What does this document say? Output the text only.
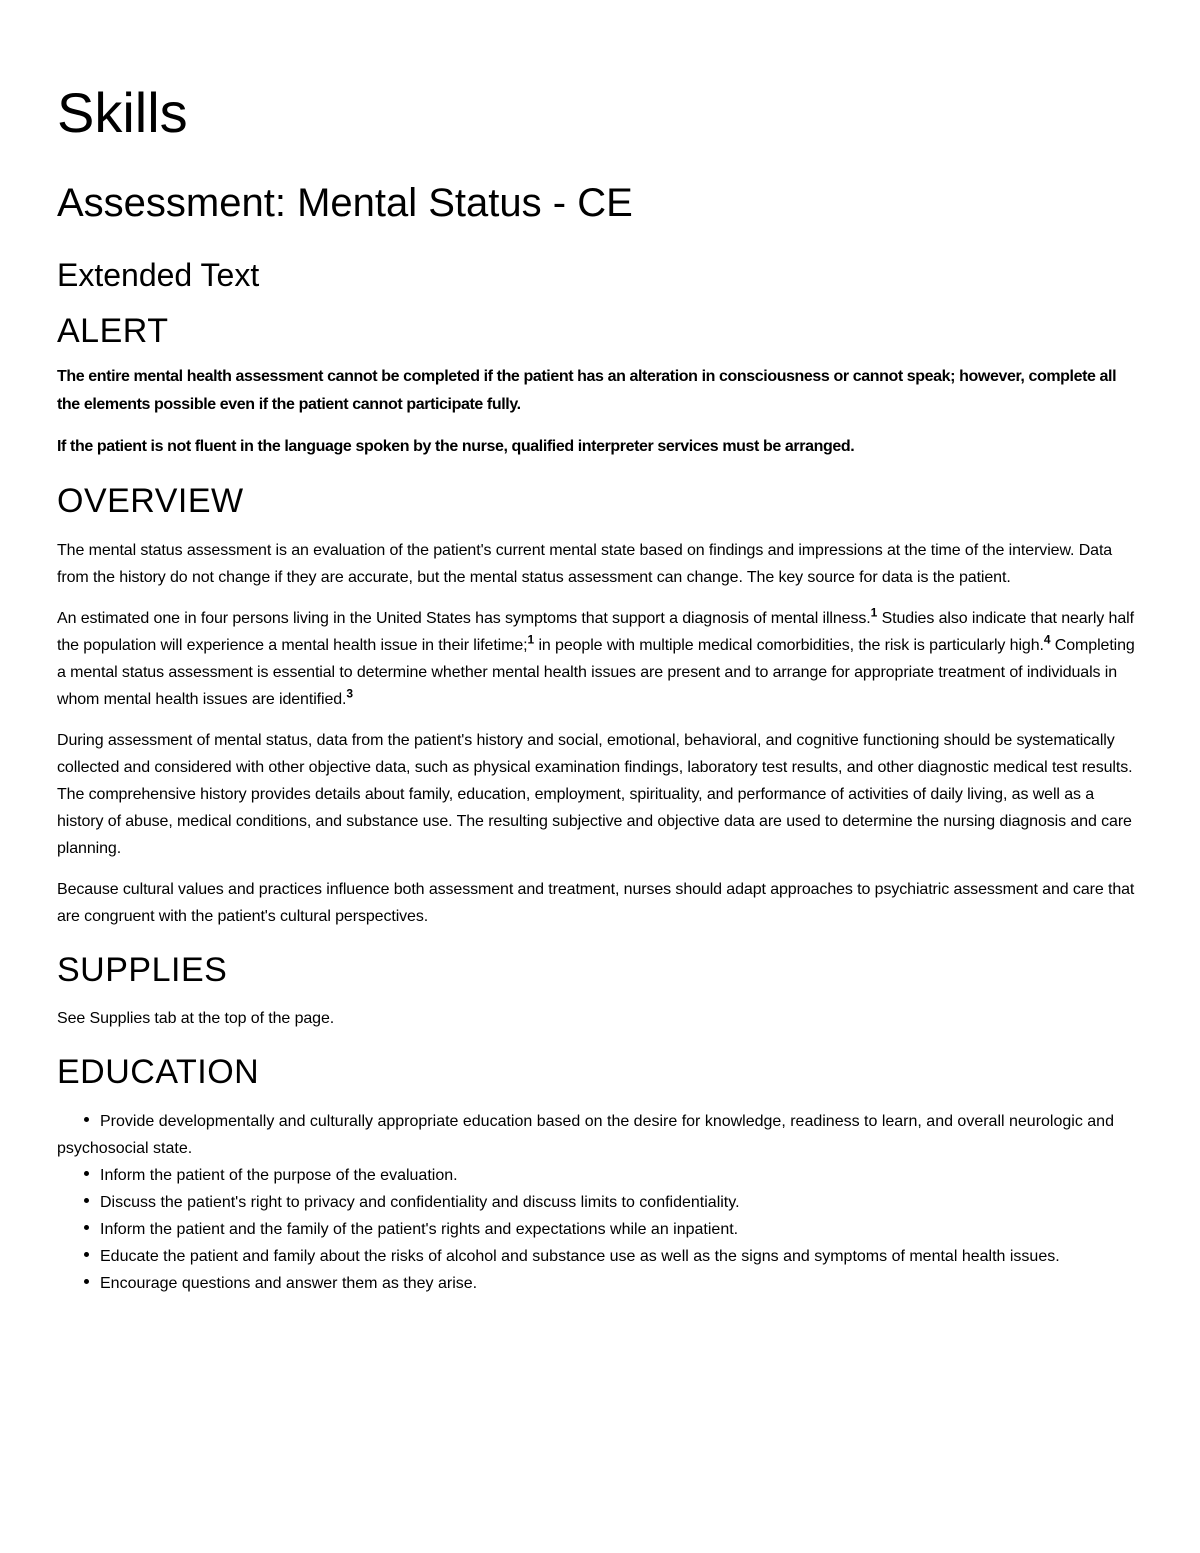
Skills
Assessment: Mental Status - CE
Extended Text
ALERT

The entire mental health assessment cannot be completed if the patient has an alteration in consciousness or cannot speak; however, complete all the elements possible even if the patient cannot participate fully.

If the patient is not fluent in the language spoken by the nurse, qualified interpreter services must be arranged.

OVERVIEW

The mental status assessment is an evaluation of the patient's current mental state based on findings and impressions at the time of the interview. Data from the history do not change if they are accurate, but the mental status assessment can change. The key source for data is the patient.

An estimated one in four persons living in the United States has symptoms that support a diagnosis of mental illness.$^1$ Studies also indicate that nearly half the population will experience a mental health issue in their lifetime;$^1$ in people with multiple medical comorbidities, the risk is particularly high.$^4$ Completing a mental status assessment is essential to determine whether mental health issues are present and to arrange for appropriate treatment of individuals in whom mental health issues are identified.$^3$

During assessment of mental status, data from the patient's history and social, emotional, behavioral, and cognitive functioning should be systematically collected and considered with other objective data, such as physical examination findings, laboratory test results, and other diagnostic medical test results. The comprehensive history provides details about family, education, employment, spirituality, and performance of activities of daily living, as well as a history of abuse, medical conditions, and substance use. The resulting subjective and objective data are used to determine the nursing diagnosis and care planning.

Because cultural values and practices influence both assessment and treatment, nurses should adapt approaches to psychiatric assessment and care that are congruent with the patient's cultural perspectives.

SUPPLIES

See Supplies tab at the top of the page.

EDUCATION
Provide developmentally and culturally appropriate education based on the desire for knowledge, readiness to learn, and overall neurologic and psychosocial state.
Inform the patient of the purpose of the evaluation.
Discuss the patient's right to privacy and confidentiality and discuss limits to confidentiality.
Inform the patient and the family of the patient's rights and expectations while an inpatient.
Educate the patient and family about the risks of alcohol and substance use as well as the signs and symptoms of mental health issues.
Encourage questions and answer them as they arise.
